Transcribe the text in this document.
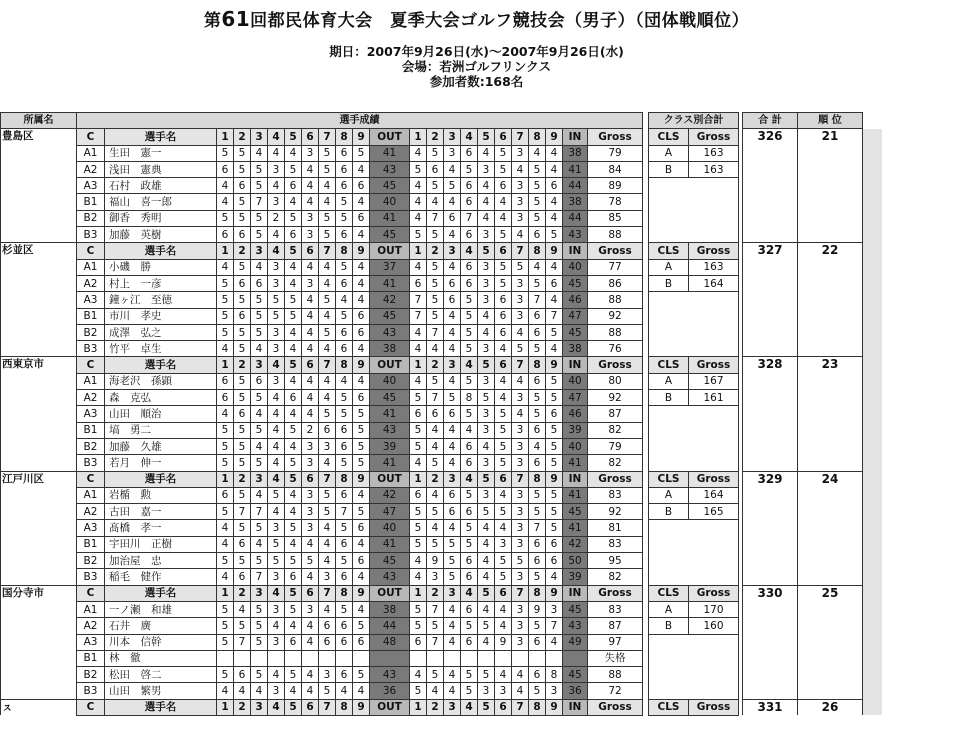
第61回都民体育大会　夏季大会ゴルフ競技会（男子）（団体戦順位）
期日：2007年9月26日(水)～2007年9月26日(水)
会場：若洲ゴルフリンクス
参加者数:168名
所属名	選手成績																								クラス別合計			合 計	順 位	
豊島区	C	選手名	1	2	3	4	5	6	7	8	9	OUT	1	2	3	4	5	6	7	8	9	IN	Gross		CLS	Gross		326	21	
	A1	生田　憲一	5	5	4	4	4	3	5	6	5	41	4	5	3	6	4	5	3	4	4	38	79		A	163				
	A2	浅田　憲典	6	5	5	3	5	4	5	6	4	43	5	6	4	5	3	5	4	5	4	41	84		B	163				
	A3	石村　政雄	4	6	5	4	6	4	4	6	6	45	4	5	5	6	4	6	3	5	6	44	89							
	B1	福山　喜一郎	4	5	7	3	4	4	4	5	4	40	4	4	4	6	4	4	3	5	4	38	78							
	B2	御香　秀明	5	5	5	2	5	3	5	5	6	41	4	7	6	7	4	4	3	5	4	44	85							
	B3	加藤　英樹	6	6	5	4	6	3	5	6	4	45	5	5	4	6	3	5	4	6	5	43	88							
杉並区	C	選手名	1	2	3	4	5	6	7	8	9	OUT	1	2	3	4	5	6	7	8	9	IN	Gross		CLS	Gross		327	22	
	A1	小磯　勝	4	5	4	3	4	4	4	5	4	37	4	5	4	6	3	5	5	4	4	40	77		A	163				
	A2	村上　一彦	5	6	6	3	4	3	4	6	4	41	6	5	6	6	3	5	3	5	6	45	86		B	164				
	A3	鐘ヶ江　至徳	5	5	5	5	5	4	5	4	4	42	7	5	6	5	3	6	3	7	4	46	88							
	B1	市川　孝史	5	6	5	5	5	4	4	5	6	45	7	5	4	5	4	6	3	6	7	47	92							
	B2	成澤　弘之	5	5	5	3	4	4	5	6	6	43	4	7	4	5	4	6	4	6	5	45	88							
	B3	竹平　卓生	4	5	4	3	4	4	4	6	4	38	4	4	4	5	3	4	5	5	4	38	76							
西東京市	C	選手名	1	2	3	4	5	6	7	8	9	OUT	1	2	3	4	5	6	7	8	9	IN	Gross		CLS	Gross		328	23	
	A1	海老沢　孫顕	6	5	6	3	4	4	4	4	4	40	4	5	4	5	3	4	4	6	5	40	80		A	167				
	A2	森　克弘	6	5	5	4	6	4	4	5	6	45	5	7	5	8	5	4	3	5	5	47	92		B	161				
	A3	山田　順治	4	6	4	4	4	4	5	5	5	41	6	6	6	5	3	5	4	5	6	46	87							
	B1	塙　勇二	5	5	5	4	5	2	6	6	5	43	5	4	4	4	3	5	3	6	5	39	82							
	B2	加藤　久雄	5	5	4	4	4	3	3	6	5	39	5	4	4	6	4	5	3	4	5	40	79							
	B3	若月　伸一	5	5	5	4	5	3	4	5	5	41	4	5	4	6	3	5	3	6	5	41	82							
江戸川区	C	選手名	1	2	3	4	5	6	7	8	9	OUT	1	2	3	4	5	6	7	8	9	IN	Gross		CLS	Gross		329	24	
	A1	岩楯　勲	6	5	4	5	4	3	5	6	4	42	6	4	6	5	3	4	3	5	5	41	83		A	164				
	A2	古田　嘉一	5	7	7	4	4	3	5	7	5	47	5	5	6	6	5	5	3	5	5	45	92		B	165				
	A3	髙橋　孝一	4	5	5	3	5	3	4	5	6	40	5	4	4	5	4	4	3	7	5	41	81							
	B1	宇田川　正樹	4	6	4	5	4	4	4	6	4	41	5	5	5	5	4	3	3	6	6	42	83							
	B2	加治屋　忠	5	5	5	5	5	5	4	5	6	45	4	9	5	6	4	5	5	6	6	50	95							
	B3	稲毛　健作	4	6	7	3	6	4	3	6	4	43	4	3	5	6	4	5	3	5	4	39	82							
国分寺市	C	選手名	1	2	3	4	5	6	7	8	9	OUT	1	2	3	4	5	6	7	8	9	IN	Gross		CLS	Gross		330	25	
	A1	一ノ瀬　和雄	5	4	5	3	5	3	4	5	4	38	5	7	4	6	4	4	3	9	3	45	83		A	170				
	A2	石井　廣	5	5	5	4	4	4	6	6	5	44	5	5	4	5	5	4	3	5	7	43	87		B	160				
	A3	川本　信幹	5	7	5	3	6	4	6	6	6	48	6	7	4	6	4	9	3	6	4	49	97							
	B1	林　徹																					失格							
	B2	松田　啓二	5	6	5	4	5	4	3	6	5	43	4	5	4	5	5	4	4	6	8	45	88							
	B3	山田　繁男	4	4	4	3	4	4	5	4	4	36	5	4	4	5	3	3	4	5	3	36	72							
ㇲ	C	選手名	1	2	3	4	5	6	7	8	9	OUT	1	2	3	4	5	6	7	8	9	IN	Gross		CLS	Gross		331	26	
